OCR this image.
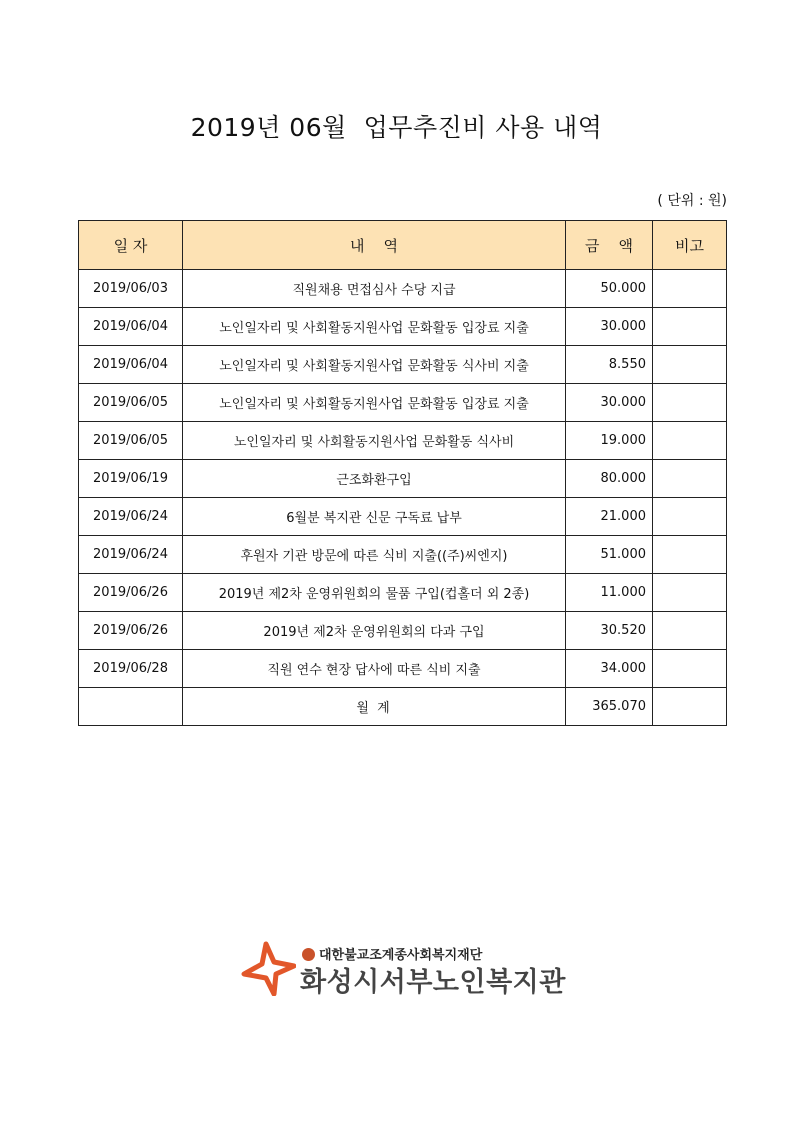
2019년 06월  업무추진비 사용 내역
( 단위 : 원)
일 자	내    역	금    액	비고
2019/06/03	직원채용 면접심사 수당 지급	50.000	
2019/06/04	노인일자리 및 사회활동지원사업 문화활동 입장료 지출	30.000	
2019/06/04	노인일자리 및 사회활동지원사업 문화활동 식사비 지출	8.550	
2019/06/05	노인일자리 및 사회활동지원사업 문화활동 입장료 지출	30.000	
2019/06/05	노인일자리 및 사회활동지원사업 문화활동 식사비	19.000	
2019/06/19	근조화환구입	80.000	
2019/06/24	6월분 복지관 신문 구독료 납부	21.000	
2019/06/24	후원자 기관 방문에 따른 식비 지출((주)씨엔지)	51.000	
2019/06/26	2019년 제2차 운영위원회의 물품 구입(컵홀더 외 2종)	11.000	
2019/06/26	2019년 제2차 운영위원회의 다과 구입	30.520	
2019/06/28	직원 연수 현장 답사에 따른 식비 지출	34.000	
	월 계	365.070	
대한불교조계종사회복지재단
화성시서부노인복지관
